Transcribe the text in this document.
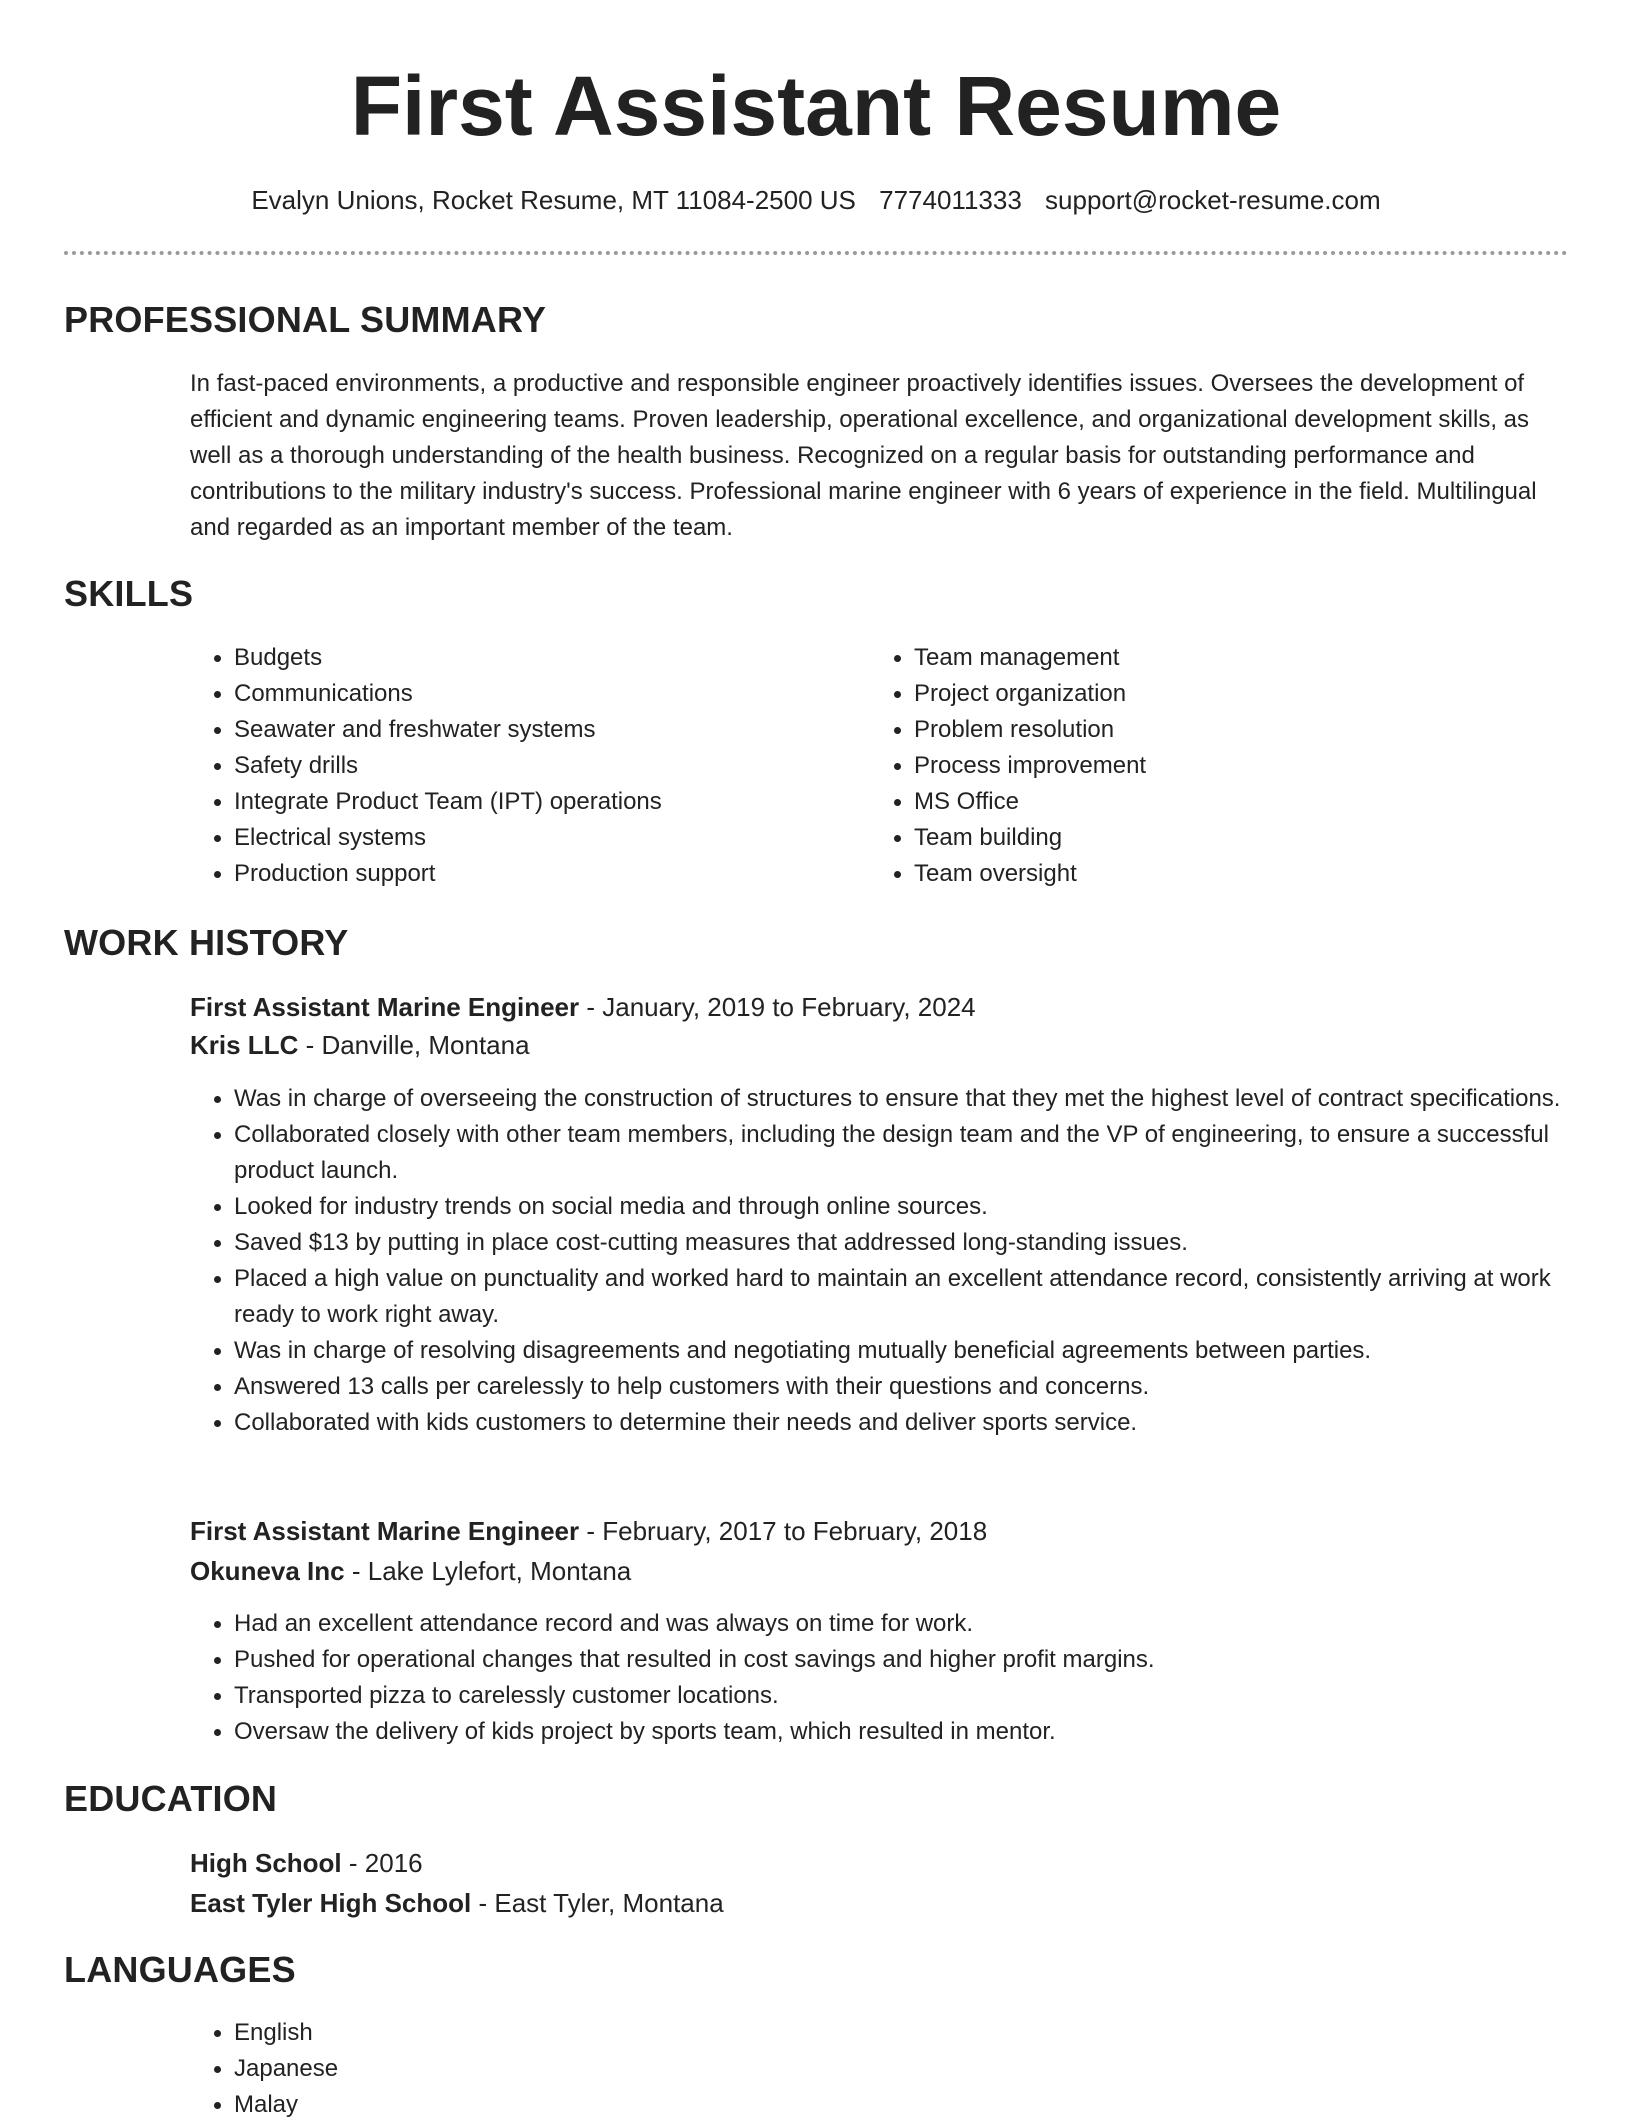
First Assistant Resume
Evalyn Unions, Rocket Resume, MT 11084-2500 US 7774011333 support@rocket-resume.com
PROFESSIONAL SUMMARY

In fast-paced environments, a productive and responsible engineer proactively identifies issues. Oversees the development of efficient and dynamic engineering teams. Proven leadership, operational excellence, and organizational development skills, as well as a thorough understanding of the health business. Recognized on a regular basis for outstanding performance and contributions to the military industry's success. Professional marine engineer with 6 years of experience in the field. Multilingual and regarded as an important member of the team.

SKILLS
• Budgets
• Communications
• Seawater and freshwater systems
• Safety drills
• Integrate Product Team (IPT) operations
• Electrical systems
• Production support
• Team management
• Project organization
• Problem resolution
• Process improvement
• MS Office
• Team building
• Team oversight
WORK HISTORY
First Assistant Marine Engineer - January, 2019 to February, 2024
Kris LLC - Danville, Montana
• Was in charge of overseeing the construction of structures to ensure that they met the highest level of contract specifications.
• Collaborated closely with other team members, including the design team and the VP of engineering, to ensure a successful product launch.
• Looked for industry trends on social media and through online sources.
• Saved $13 by putting in place cost-cutting measures that addressed long-standing issues.
• Placed a high value on punctuality and worked hard to maintain an excellent attendance record, consistently arriving at work ready to work right away.
• Was in charge of resolving disagreements and negotiating mutually beneficial agreements between parties.
• Answered 13 calls per carelessly to help customers with their questions and concerns.
• Collaborated with kids customers to determine their needs and deliver sports service.
First Assistant Marine Engineer - February, 2017 to February, 2018
Okuneva Inc - Lake Lylefort, Montana
• Had an excellent attendance record and was always on time for work.
• Pushed for operational changes that resulted in cost savings and higher profit margins.
• Transported pizza to carelessly customer locations.
• Oversaw the delivery of kids project by sports team, which resulted in mentor.
EDUCATION
High School - 2016
East Tyler High School - East Tyler, Montana
LANGUAGES
• English
• Japanese
• Malay
